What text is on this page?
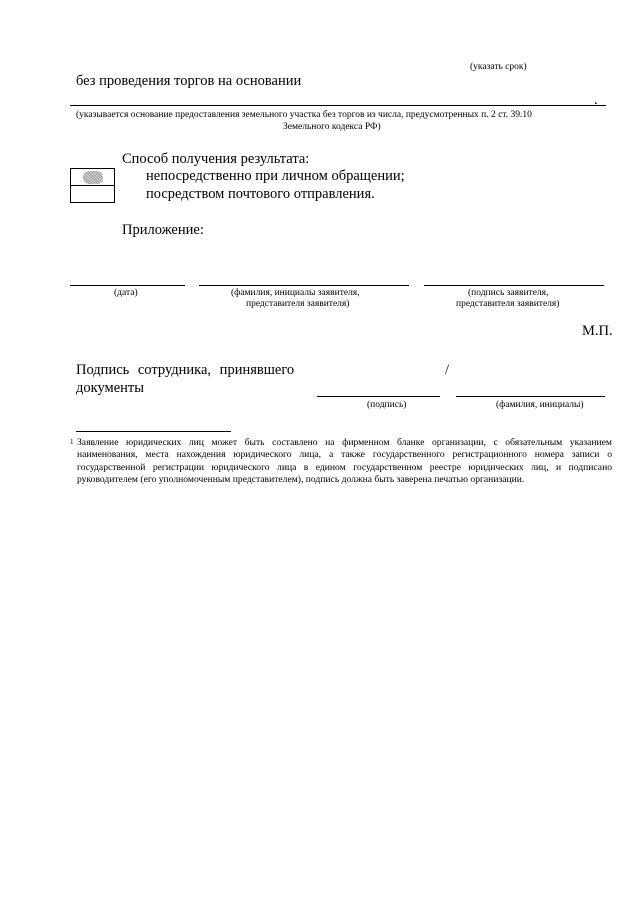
(указать срок)
без проведения торгов на основании
.
(указывается основание предоставления земельного участка без торгов из числа, предусмотренных п. 2 ст. 39.10
Земельного кодекса РФ)
Способ получения результата:
непосредственно при личном обращении;
посредством почтового отправления.
Приложение:
(дата)	(фамилия, инициалы заявителя,
представителя заявителя)
(подпись заявителя,
представителя заявителя)
М.П.
Подпись сотрудника, принявшего
документы
/
(подпись)	(фамилия, инициалы)
1 Заявление юридических лиц может быть составлено на фирменном бланке организации, с обязательным указанием наименования, места нахождения юридического лица, а также государственного регистрационного номера записи о государственной регистрации юридического лица в едином государственном реестре юридических лиц, и подписано руководителем (его уполномоченным представителем), подпись должна быть заверена печатью организации.
